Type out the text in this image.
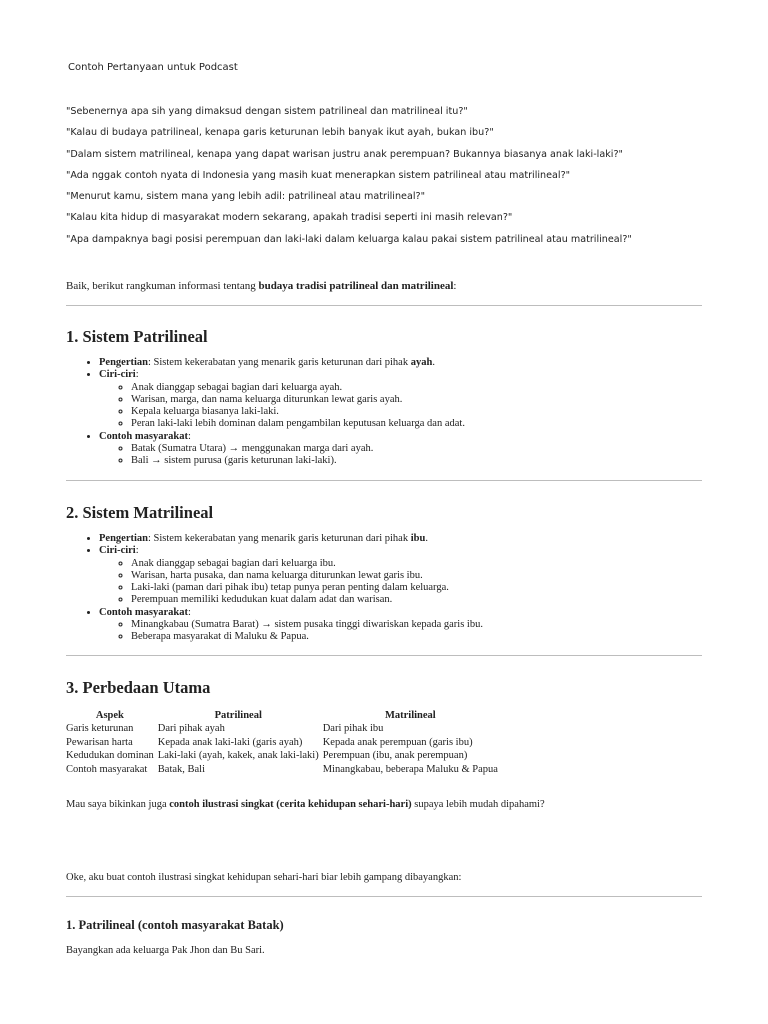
Contoh Pertanyaan untuk Podcast
"Sebenernya apa sih yang dimaksud dengan sistem patrilineal dan matrilineal itu?"
"Kalau di budaya patrilineal, kenapa garis keturunan lebih banyak ikut ayah, bukan ibu?"
"Dalam sistem matrilineal, kenapa yang dapat warisan justru anak perempuan? Bukannya biasanya anak laki-laki?"
"Ada nggak contoh nyata di Indonesia yang masih kuat menerapkan sistem patrilineal atau matrilineal?"
"Menurut kamu, sistem mana yang lebih adil: patrilineal atau matrilineal?"
"Kalau kita hidup di masyarakat modern sekarang, apakah tradisi seperti ini masih relevan?"
"Apa dampaknya bagi posisi perempuan dan laki-laki dalam keluarga kalau pakai sistem patrilineal atau matrilineal?"
Baik, berikut rangkuman informasi tentang budaya tradisi patrilineal dan matrilineal:
1. Sistem Patrilineal
• Pengertian: Sistem kekerabatan yang menarik garis keturunan dari pihak ayah.
• Ciri-ciri:
◦ Anak dianggap sebagai bagian dari keluarga ayah.
◦ Warisan, marga, dan nama keluarga diturunkan lewat garis ayah.
◦ Kepala keluarga biasanya laki-laki.
◦ Peran laki-laki lebih dominan dalam pengambilan keputusan keluarga dan adat.
• Contoh masyarakat:
◦ Batak (Sumatra Utara) → menggunakan marga dari ayah.
◦ Bali → sistem purusa (garis keturunan laki-laki).
2. Sistem Matrilineal
• Pengertian: Sistem kekerabatan yang menarik garis keturunan dari pihak ibu.
• Ciri-ciri:
◦ Anak dianggap sebagai bagian dari keluarga ibu.
◦ Warisan, harta pusaka, dan nama keluarga diturunkan lewat garis ibu.
◦ Laki-laki (paman dari pihak ibu) tetap punya peran penting dalam keluarga.
◦ Perempuan memiliki kedudukan kuat dalam adat dan warisan.
• Contoh masyarakat:
◦ Minangkabau (Sumatra Barat) → sistem pusaka tinggi diwariskan kepada garis ibu.
◦ Beberapa masyarakat di Maluku & Papua.
3. Perbedaan Utama
Aspek	Patrilineal	Matrilineal
Garis keturunan	Dari pihak ayah	Dari pihak ibu
Pewarisan harta	Kepada anak laki-laki (garis ayah)	Kepada anak perempuan (garis ibu)
Kedudukan dominan	Laki-laki (ayah, kakek, anak laki-laki)	Perempuan (ibu, anak perempuan)
Contoh masyarakat	Batak, Bali	Minangkabau, beberapa Maluku & Papua
Mau saya bikinkan juga contoh ilustrasi singkat (cerita kehidupan sehari-hari) supaya lebih mudah dipahami?
Oke, aku buat contoh ilustrasi singkat kehidupan sehari-hari biar lebih gampang dibayangkan:
1. Patrilineal (contoh masyarakat Batak)
Bayangkan ada keluarga Pak Jhon dan Bu Sari.
